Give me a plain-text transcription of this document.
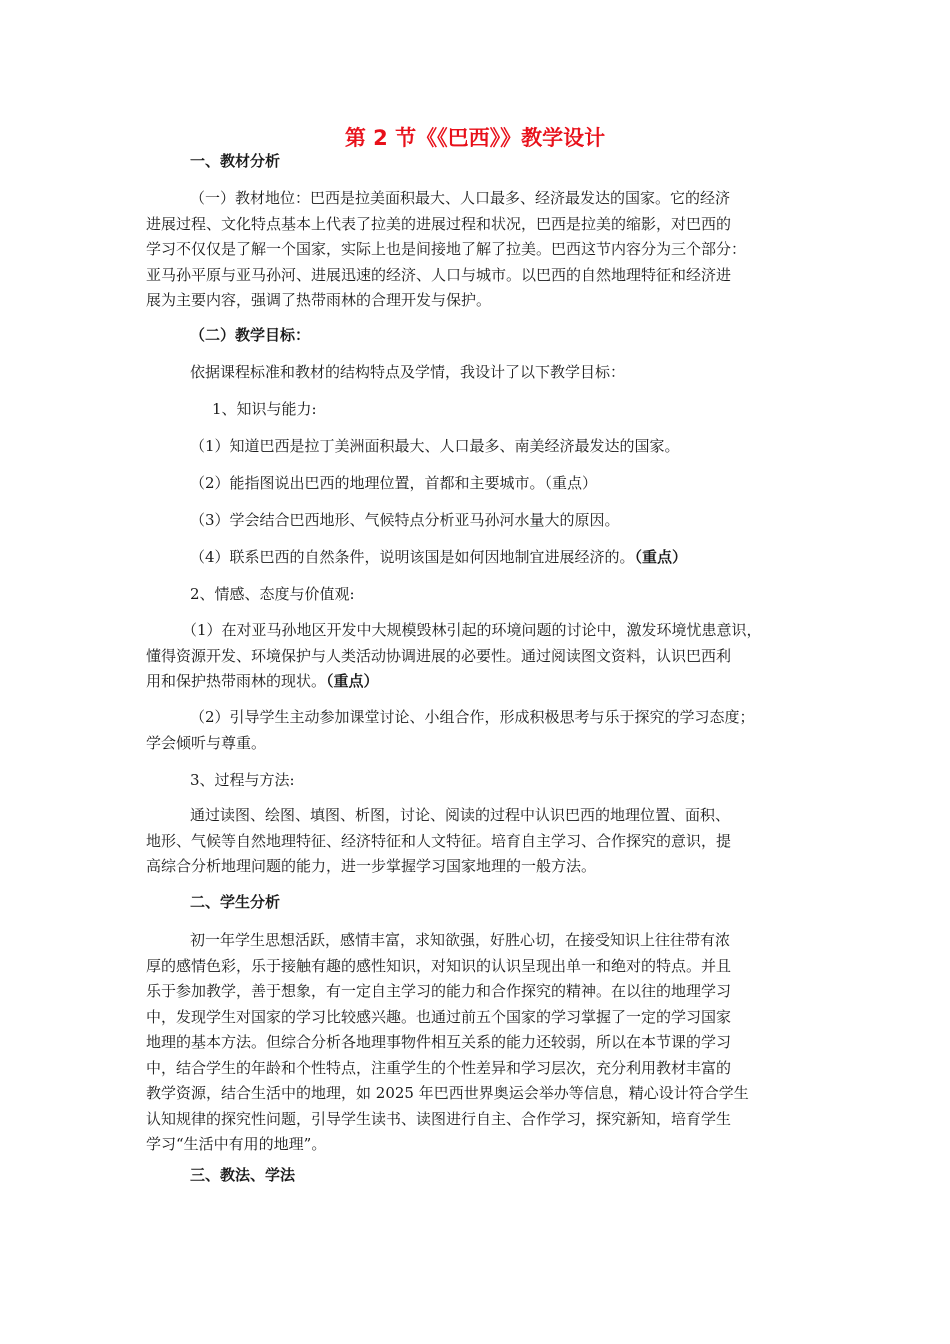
第 2 节《《巴西》》教学设计

一、教材分析

（一）教材地位：巴西是拉美面积最大、人口最多、经济最发达的国家。它的经济
进展过程、文化特点基本上代表了拉美的进展过程和状况，巴西是拉美的缩影，对巴西的
学习不仅仅是了解一个国家，实际上也是间接地了解了拉美。巴西这节内容分为三个部分：
亚马孙平原与亚马孙河、进展迅速的经济、人口与城市。以巴西的自然地理特征和经济进
展为主要内容，强调了热带雨林的合理开发与保护。

（二）教学目标：

依据课程标准和教材的结构特点及学情，我设计了以下教学目标：

1、知识与能力:

（1）知道巴西是拉丁美洲面积最大、人口最多、南美经济最发达的国家。

（2）能指图说出巴西的地理位置，首都和主要城市。（重点）

（3）学会结合巴西地形、气候特点分析亚马孙河水量大的原因。

（4）联系巴西的自然条件，说明该国是如何因地制宜进展经济的。（重点）

2、情感、态度与价值观:

（1）在对亚马孙地区开发中大规模毁林引起的环境问题的讨论中，激发环境忧患意识，
懂得资源开发、环境保护与人类活动协调进展的必要性。通过阅读图文资料，认识巴西利
用和保护热带雨林的现状。（重点）
（2）引导学生主动参加课堂讨论、小组合作，形成积极思考与乐于探究的学习态度；
学会倾听与尊重。

3、过程与方法:

通过读图、绘图、填图、析图，讨论、阅读的过程中认识巴西的地理位置、面积、
地形、气候等自然地理特征、经济特征和人文特征。培育自主学习、合作探究的意识，提
高综合分析地理问题的能力，进一步掌握学习国家地理的一般方法。

二、学生分析

初一年学生思想活跃，感情丰富，求知欲强，好胜心切，在接受知识上往往带有浓
厚的感情色彩，乐于接触有趣的感性知识，对知识的认识呈现出单一和绝对的特点。并且
乐于参加教学，善于想象，有一定自主学习的能力和合作探究的精神。在以往的地理学习
中，发现学生对国家的学习比较感兴趣。也通过前五个国家的学习掌握了一定的学习国家
地理的基本方法。但综合分析各地理事物件相互关系的能力还较弱，所以在本节课的学习
中，结合学生的年龄和个性特点，注重学生的个性差异和学习层次，充分利用教材丰富的
教学资源，结合生活中的地理，如 2025 年巴西世界奥运会举办等信息，精心设计符合学生
认知规律的探究性问题，引导学生读书、读图进行自主、合作学习，探究新知，培育学生
学习“生活中有用的地理”。

三、教法、学法
